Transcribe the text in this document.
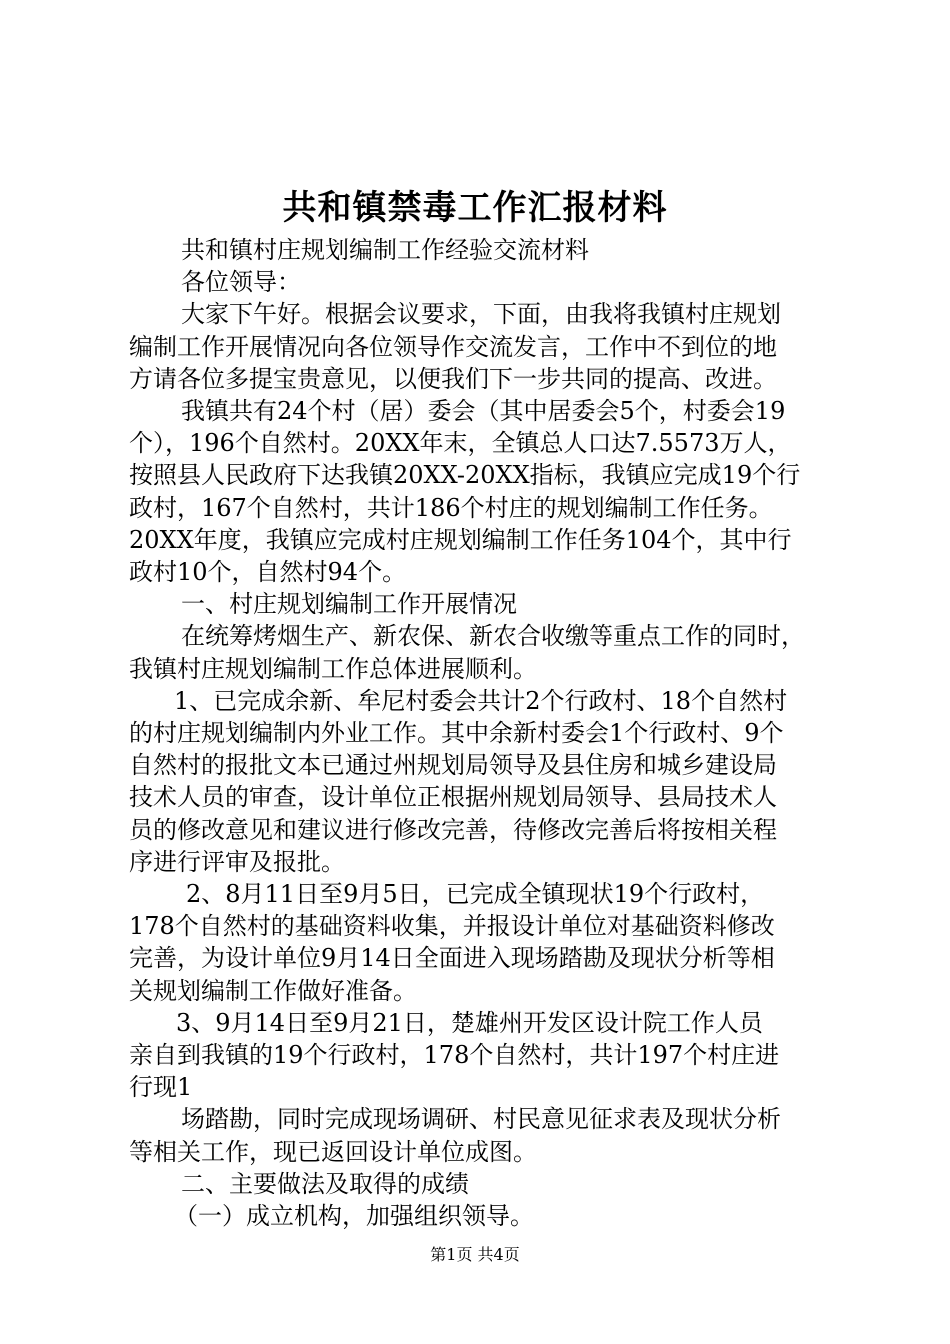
共和镇禁毒工作汇报材料

共和镇村庄规划编制工作经验交流材料

各位领导：

大家下午好。根据会议要求，下面，由我将我镇村庄规划

编制工作开展情况向各位领导作交流发言，工作中不到位的地

方请各位多提宝贵意见，以便我们下一步共同的提高、改进。

我镇共有24个村（居）委会（其中居委会5个，村委会19

个），196个自然村。20XX年末，全镇总人口达7.5573万人，

按照县人民政府下达我镇20XX-20XX指标，我镇应完成19个行

政村，167个自然村，共计186个村庄的规划编制工作任务。

20XX年度，我镇应完成村庄规划编制工作任务104个，其中行

政村10个，自然村94个。

一、村庄规划编制工作开展情况

在统筹烤烟生产、新农保、新农合收缴等重点工作的同时，

我镇村庄规划编制工作总体进展顺利。

1、已完成余新、牟尼村委会共计2个行政村、18个自然村

的村庄规划编制内外业工作。其中余新村委会1个行政村、9个

自然村的报批文本已通过州规划局领导及县住房和城乡建设局

技术人员的审查，设计单位正根据州规划局领导、县局技术人

员的修改意见和建议进行修改完善，待修改完善后将按相关程

序进行评审及报批。

2、8月11日至9月5日，已完成全镇现状19个行政村，

178个自然村的基础资料收集，并报设计单位对基础资料修改

完善，为设计单位9月14日全面进入现场踏勘及现状分析等相

关规划编制工作做好准备。

3、9月14日至9月21日，楚雄州开发区设计院工作人员

亲自到我镇的19个行政村，178个自然村，共计197个村庄进

行现1

场踏勘，同时完成现场调研、村民意见征求表及现状分析

等相关工作，现已返回设计单位成图。

二、主要做法及取得的成绩

（一）成立机构，加强组织领导。

第1页 共4页
